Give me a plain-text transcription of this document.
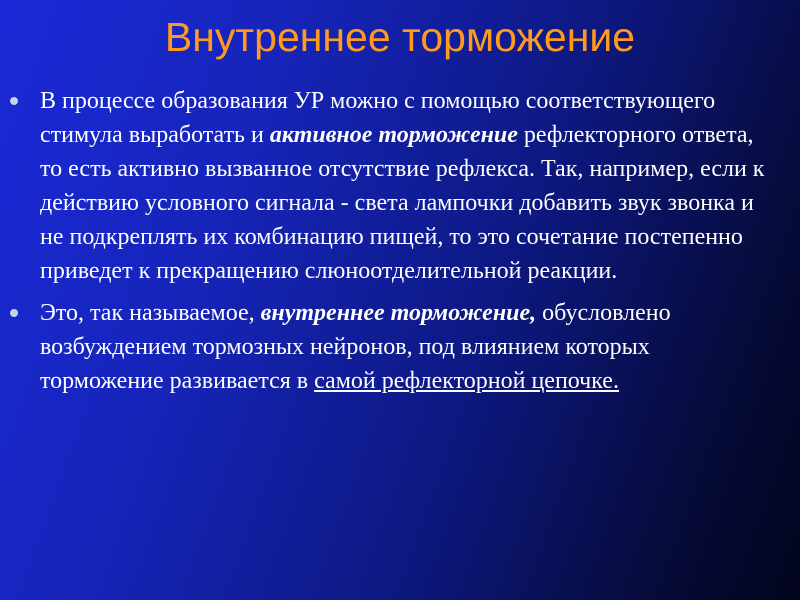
Внутреннее торможение
В процессе образования УР можно с помощью соответствующего стимула выработать и активное торможение рефлекторного ответа, то есть активно вызванное отсутствие рефлекса. Так, например, если к действию условного сигнала - света лампочки добавить звук звонка и не подкреплять их комбинацию пищей, то это сочетание постепенно приведет к прекращению слюноотделительной реакции.
Это, так называемое, внутреннее торможение, обусловлено возбуждением тормозных нейронов, под влиянием которых торможение развивается в самой рефлекторной цепочке.
